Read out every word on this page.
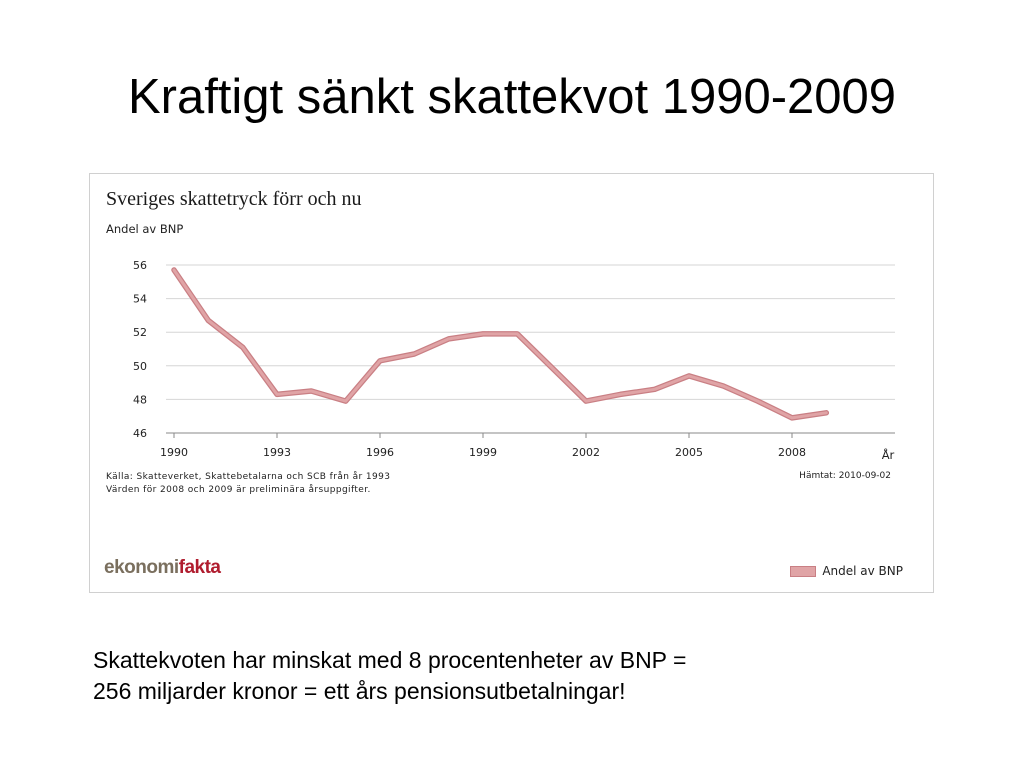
Kraftigt sänkt skattekvot 1990-2009
46
48
50
52
54
56
1990	1993	1996	1999	2002	2005	2008	År
Sveriges skattetryck förr och nu
Andel av BNP
Källa: Skatteverket, Skattebetalarna och SCB från år 1993
Värden för 2008 och 2009 är preliminära årsuppgifter.
Hämtat: 2010-09-02
ekonomifakta	Andel av BNP
Skattekvoten har minskat med 8 procentenheter av BNP =
256 miljarder kronor = ett års pensionsutbetalningar!
